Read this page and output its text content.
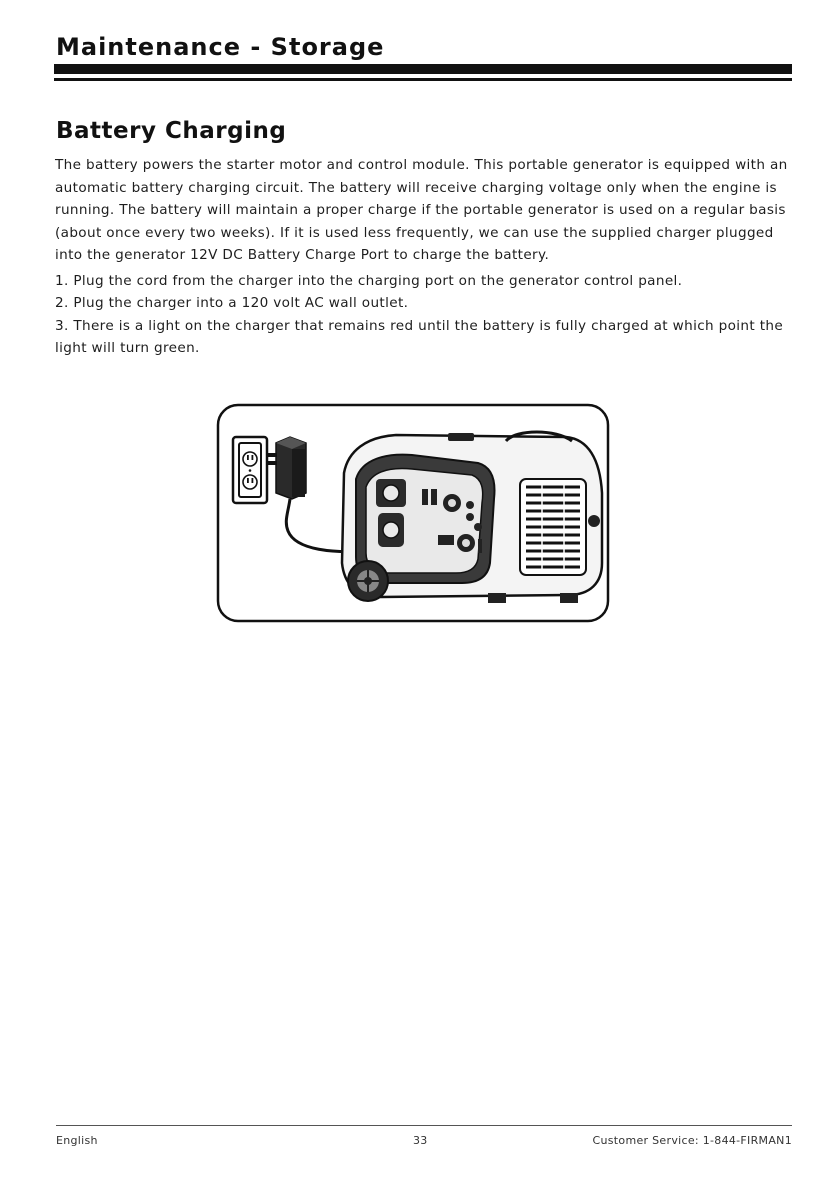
Maintenance - Storage
Battery Charging

The battery powers the starter motor and control module. This portable generator is equipped with an automatic battery charging circuit. The battery will receive charging voltage only when the engine is running. The battery will maintain a proper charge if the portable generator is used on a regular basis (about once every two weeks). If it is used less frequently, we can use the supplied charger plugged into the generator 12V DC Battery Charge Port to charge the battery.

1. Plug the cord from the charger into the charging port on the generator control panel.
2. Plug the charger into a 120 volt AC wall outlet.
3. There is a light on the charger that remains red until the battery is fully charged at which point the light will turn green.
English	33	Customer Service: 1-844-FIRMAN1
